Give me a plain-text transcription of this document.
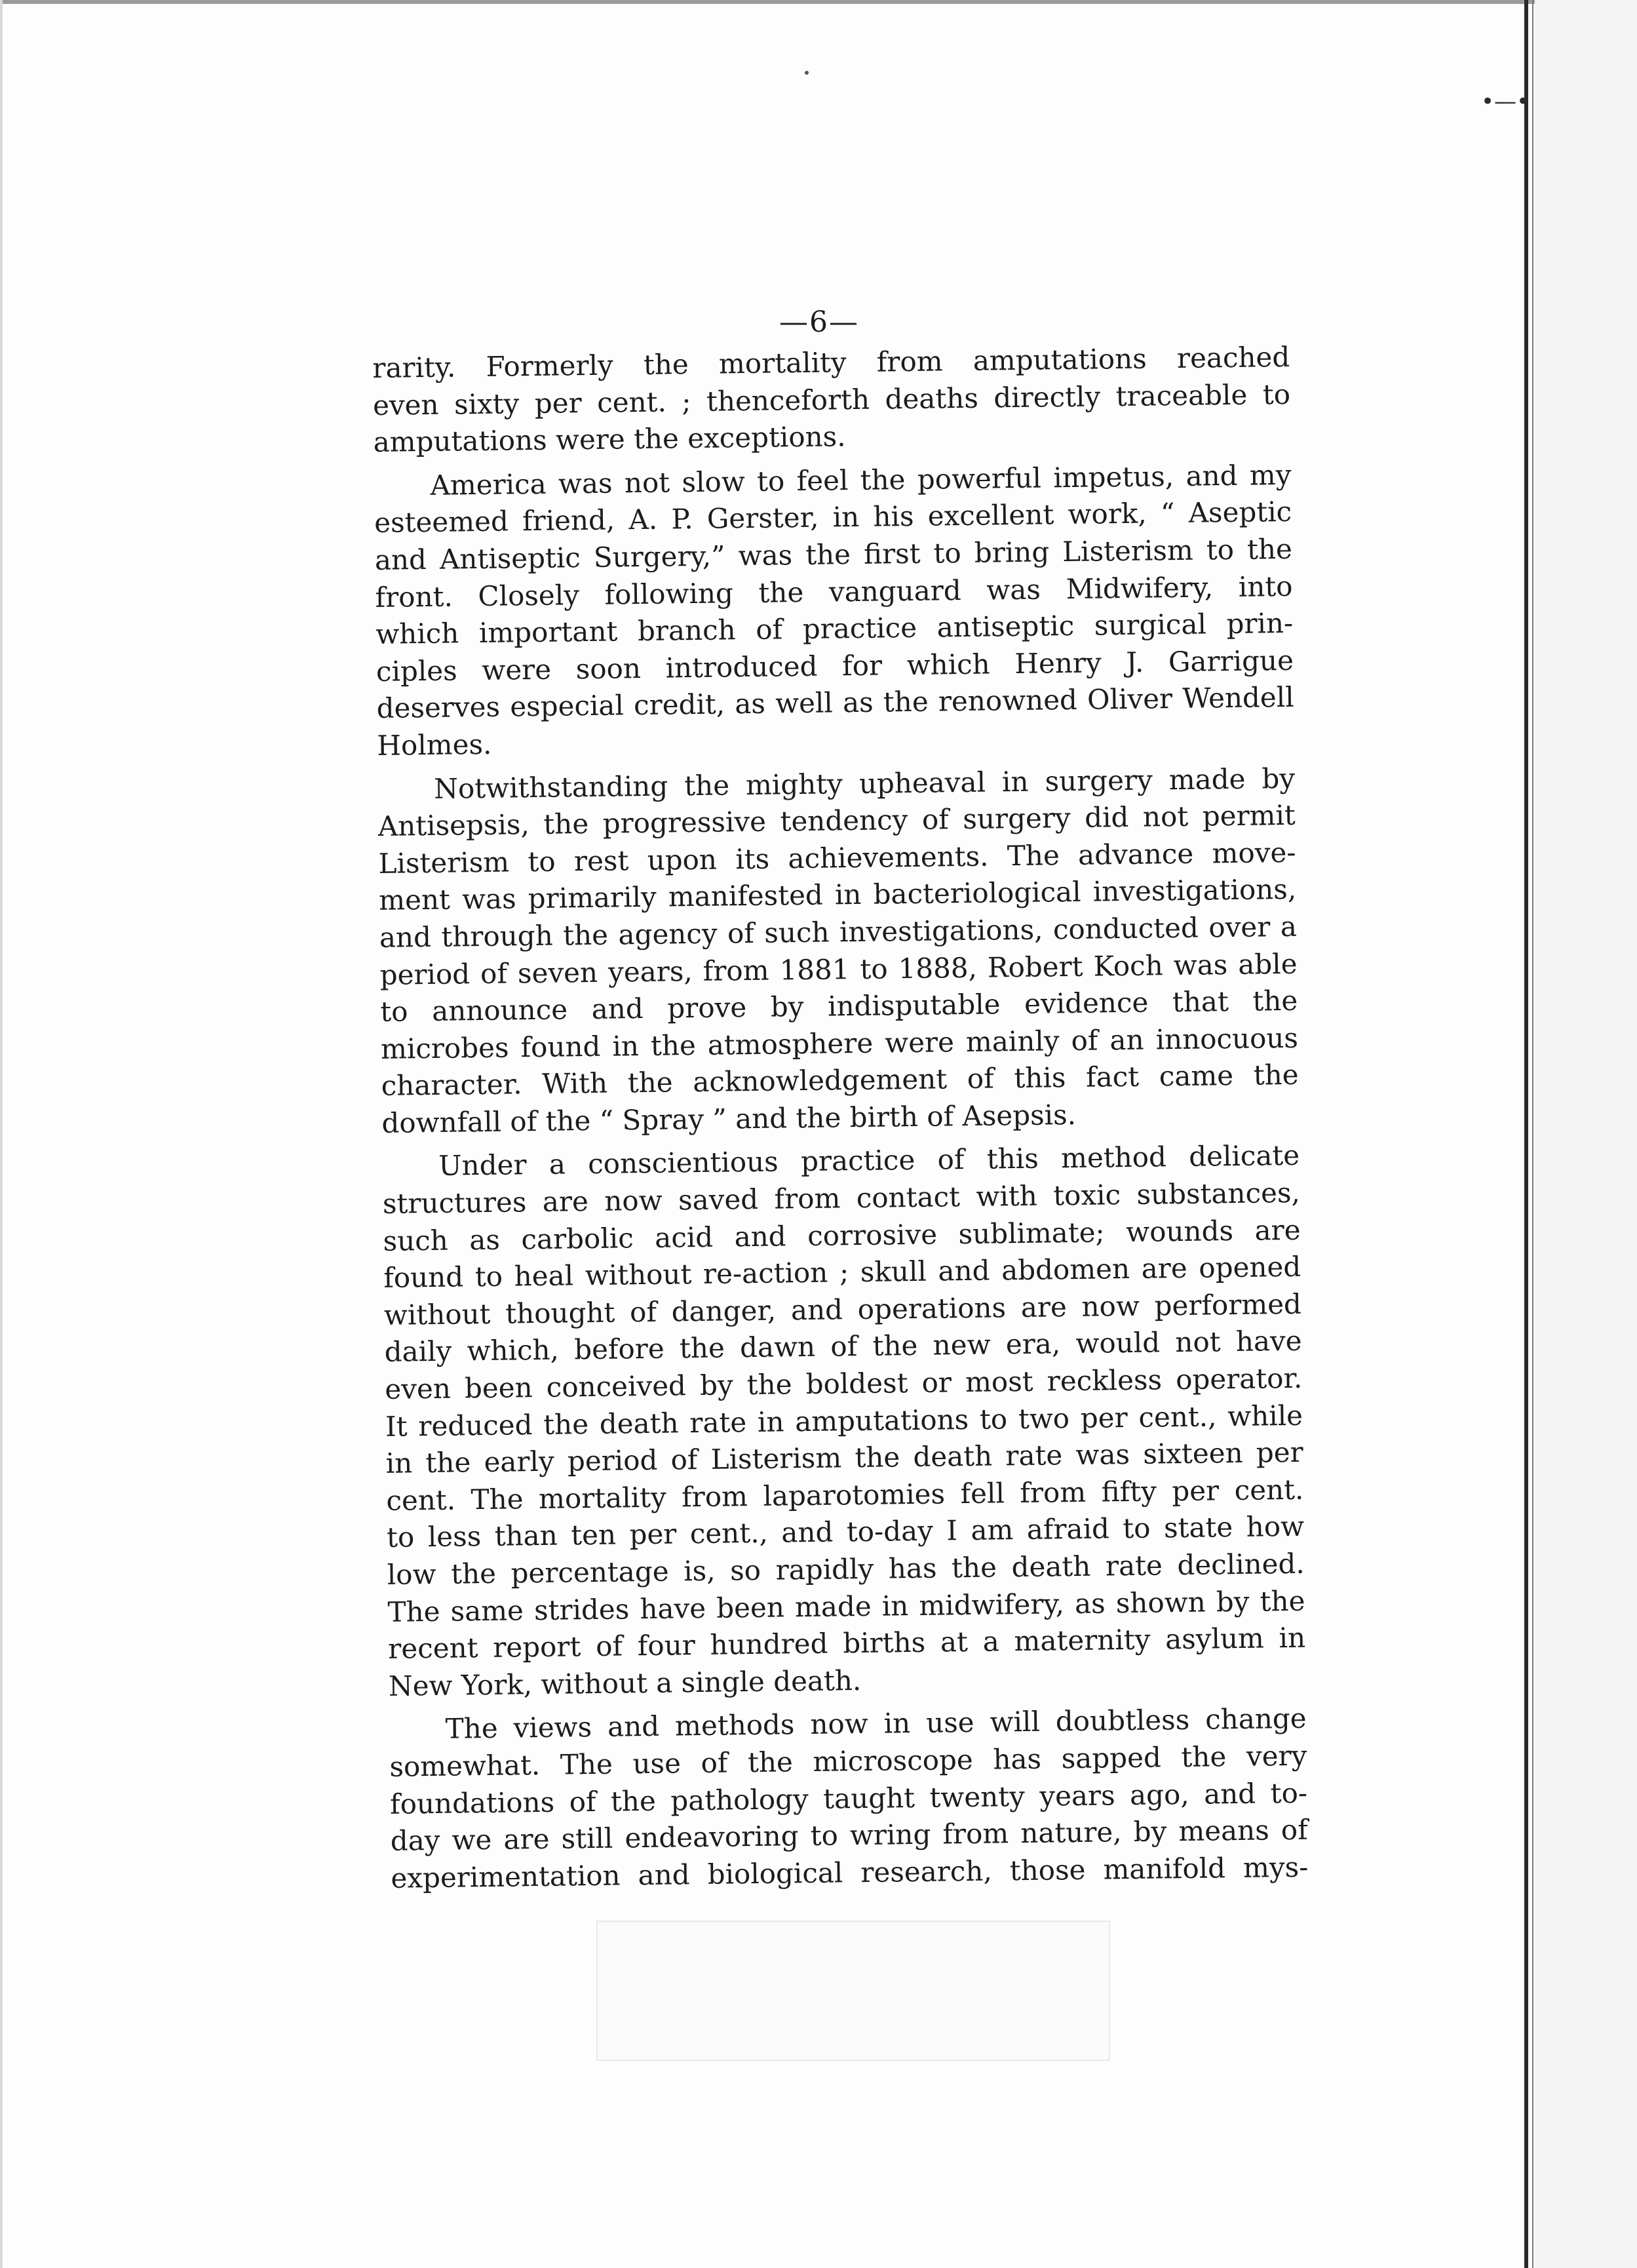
•—•
—6—
rarity. Formerly the mortality from amputations reached
even sixty per cent. ; thenceforth deaths directly traceable to
amputations were the exceptions.
America was not slow to feel the powerful impetus, and my
esteemed friend, A. P. Gerster, in his excellent work, “ Aseptic
and Antiseptic Surgery,” was the first to bring Listerism to the
front. Closely following the vanguard was Midwifery, into
which important branch of practice antiseptic surgical prin-
ciples were soon introduced for which Henry J. Garrigue
deserves especial credit, as well as the renowned Oliver Wendell
Holmes.
Notwithstanding the mighty upheaval in surgery made by
Antisepsis, the progressive tendency of surgery did not permit
Listerism to rest upon its achievements. The advance move-
ment was primarily manifested in bacteriological investigations,
and through the agency of such investigations, conducted over a
period of seven years, from 1881 to 1888, Robert Koch was able
to announce and prove by indisputable evidence that the
microbes found in the atmosphere were mainly of an innocuous
character. With the acknowledgement of this fact came the
downfall of the “ Spray ” and the birth of Asepsis.
Under a conscientious practice of this method delicate
structures are now saved from contact with toxic substances,
such as carbolic acid and corrosive sublimate; wounds are
found to heal without re-action ; skull and abdomen are opened
without thought of danger, and operations are now performed
daily which, before the dawn of the new era, would not have
even been conceived by the boldest or most reckless operator.
It reduced the death rate in amputations to two per cent., while
in the early period of Listerism the death rate was sixteen per
cent. The mortality from laparotomies fell from fifty per cent.
to less than ten per cent., and to-day I am afraid to state how
low the percentage is, so rapidly has the death rate declined.
The same strides have been made in midwifery, as shown by the
recent report of four hundred births at a maternity asylum in
New York, without a single death.
The views and methods now in use will doubtless change
somewhat. The use of the microscope has sapped the very
foundations of the pathology taught twenty years ago, and to-
day we are still endeavoring to wring from nature, by means of
experimentation and biological research, those manifold mys-
